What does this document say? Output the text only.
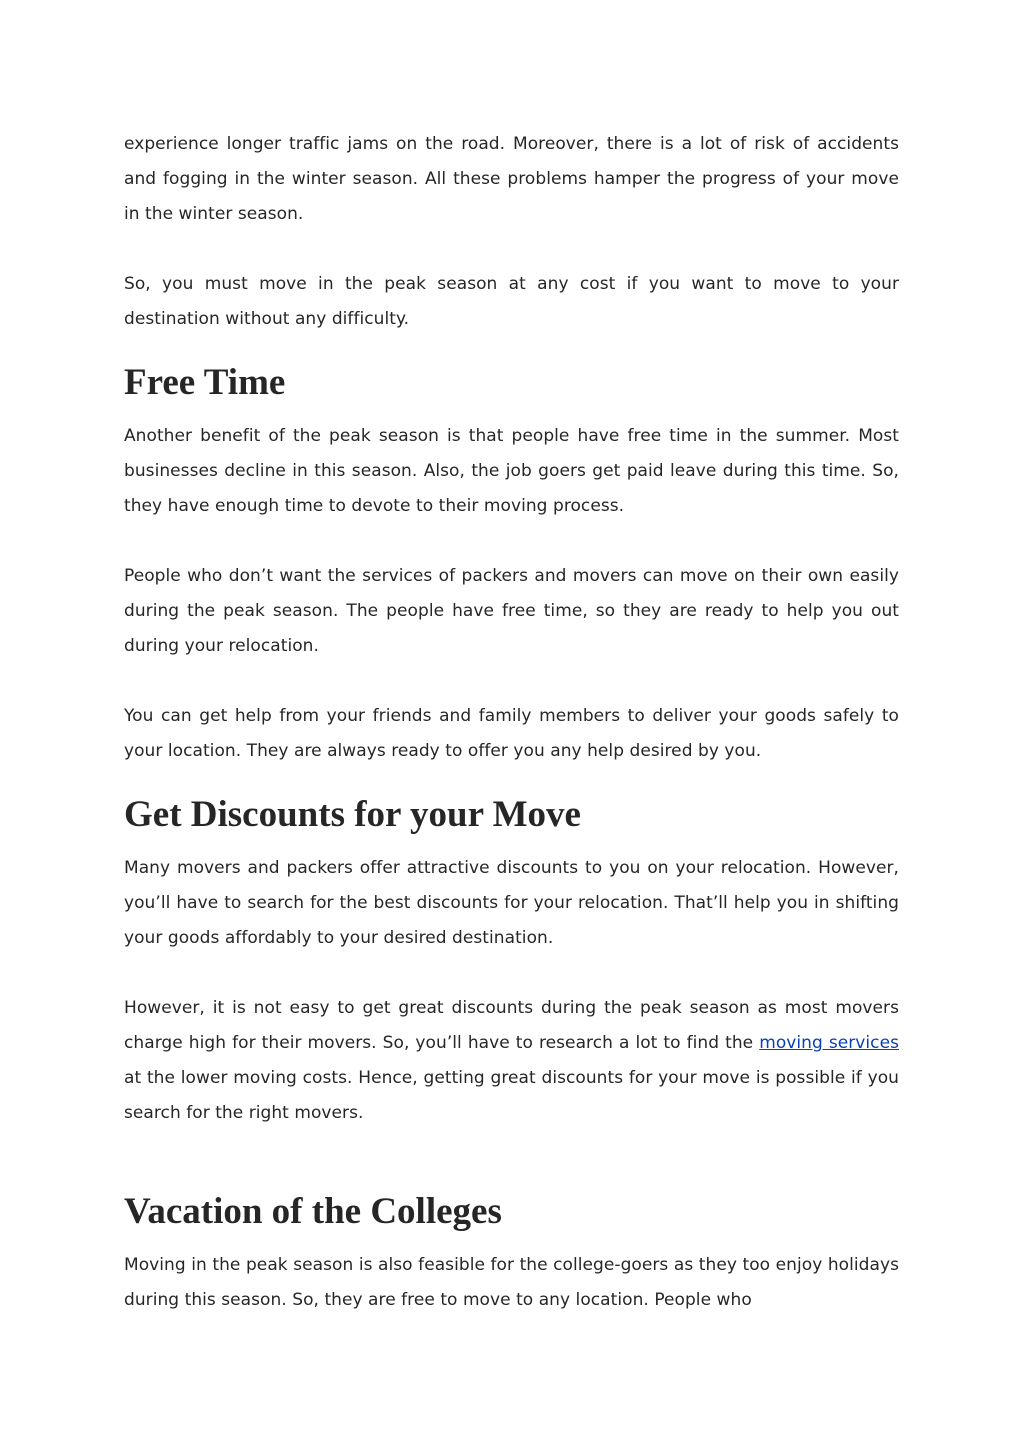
experience longer traffic jams on the road. Moreover, there is a lot of risk of accidents and fogging in the winter season. All these problems hamper the progress of your move in the winter season.

So, you must move in the peak season at any cost if you want to move to your destination without any difficulty.

Free Time

Another benefit of the peak season is that people have free time in the summer. Most businesses decline in this season. Also, the job goers get paid leave during this time. So, they have enough time to devote to their moving process.

People who don’t want the services of packers and movers can move on their own easily during the peak season. The people have free time, so they are ready to help you out during your relocation.

You can get help from your friends and family members to deliver your goods safely to your location. They are always ready to offer you any help desired by you.

Get Discounts for your Move

Many movers and packers offer attractive discounts to you on your relocation. However, you’ll have to search for the best discounts for your relocation. That’ll help you in shifting your goods affordably to your desired destination.

However, it is not easy to get great discounts during the peak season as most movers charge high for their movers. So, you’ll have to research a lot to find the moving services at the lower moving costs. Hence, getting great discounts for your move is possible if you search for the right movers.

Vacation of the Colleges

Moving in the peak season is also feasible for the college-goers as they too enjoy holidays during this season. So, they are free to move to any location. People who
